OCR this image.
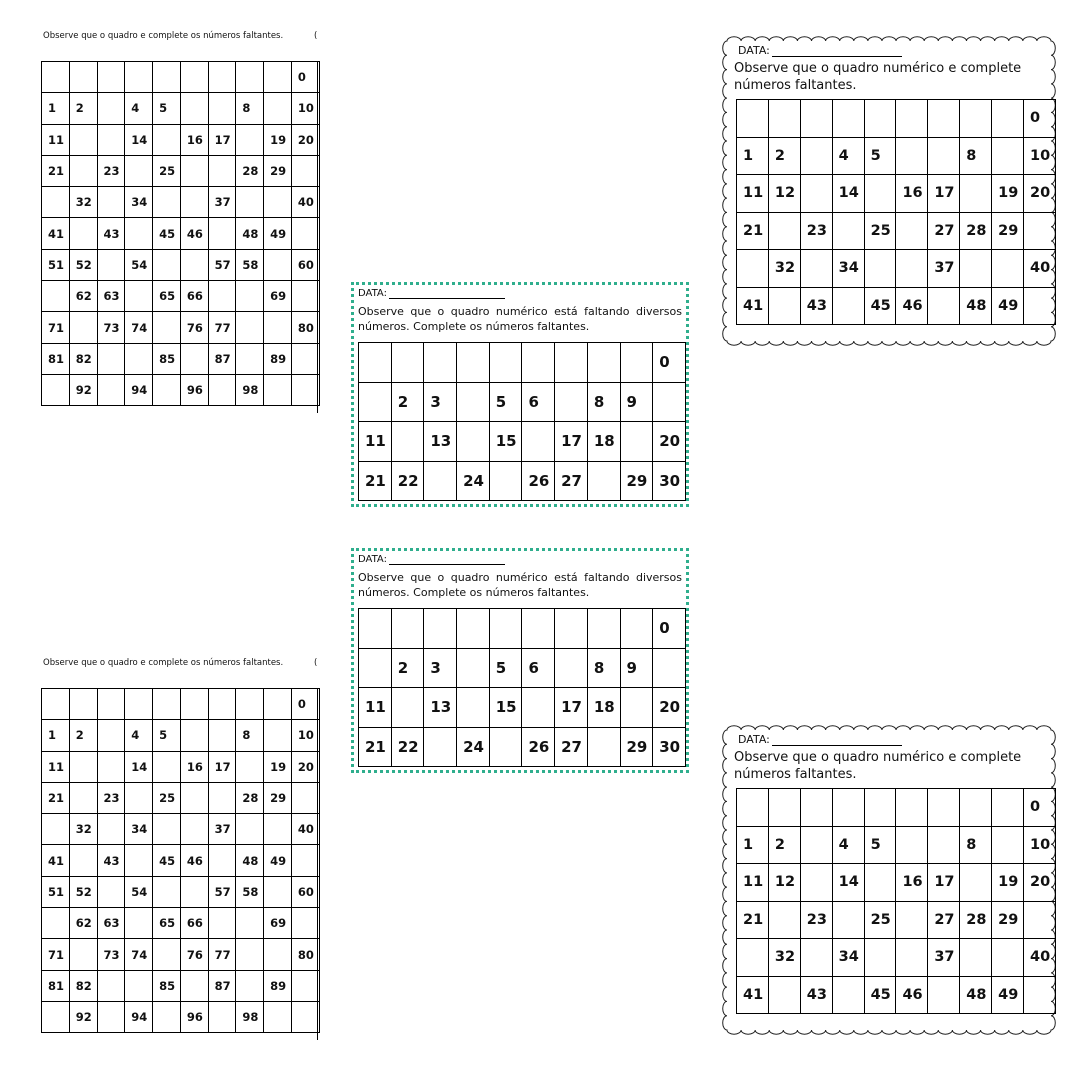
Observe que o quadro e complete os números faltantes.	(
									0
1	2		4	5			8		10
11			14		16	17		19	20
21		23		25			28	29	
	32		34			37			40
41		43		45	46		48	49	
51	52		54			57	58		60
	62	63		65	66			69	
71		73	74		76	77			80
81	82			85		87		89	
	92		94		96		98		
Observe que o quadro e complete os números faltantes.	(
									0
1	2		4	5			8		10
11			14		16	17		19	20
21		23		25			28	29	
	32		34			37			40
41		43		45	46		48	49	
51	52		54			57	58		60
	62	63		65	66			69	
71		73	74		76	77			80
81	82			85		87		89	
	92		94		96		98		
DATA:
Observe que o quadro numérico está faltando diversos números. Complete os números faltantes.
									0
	2	3		5	6		8	9	
11		13		15		17	18		20
21	22		24		26	27		29	30
DATA:
Observe que o quadro numérico está faltando diversos números. Complete os números faltantes.
									0
	2	3		5	6		8	9	
11		13		15		17	18		20
21	22		24		26	27		29	30
DATA:
Observe que o quadro numérico e complete números faltantes.
									0
1	2		4	5			8		10
11	12		14		16	17		19	20
21		23		25		27	28	29	
	32		34			37			40
41		43		45	46		48	49	
DATA:
Observe que o quadro numérico e complete números faltantes.
									0
1	2		4	5			8		10
11	12		14		16	17		19	20
21		23		25		27	28	29	
	32		34			37			40
41		43		45	46		48	49	
